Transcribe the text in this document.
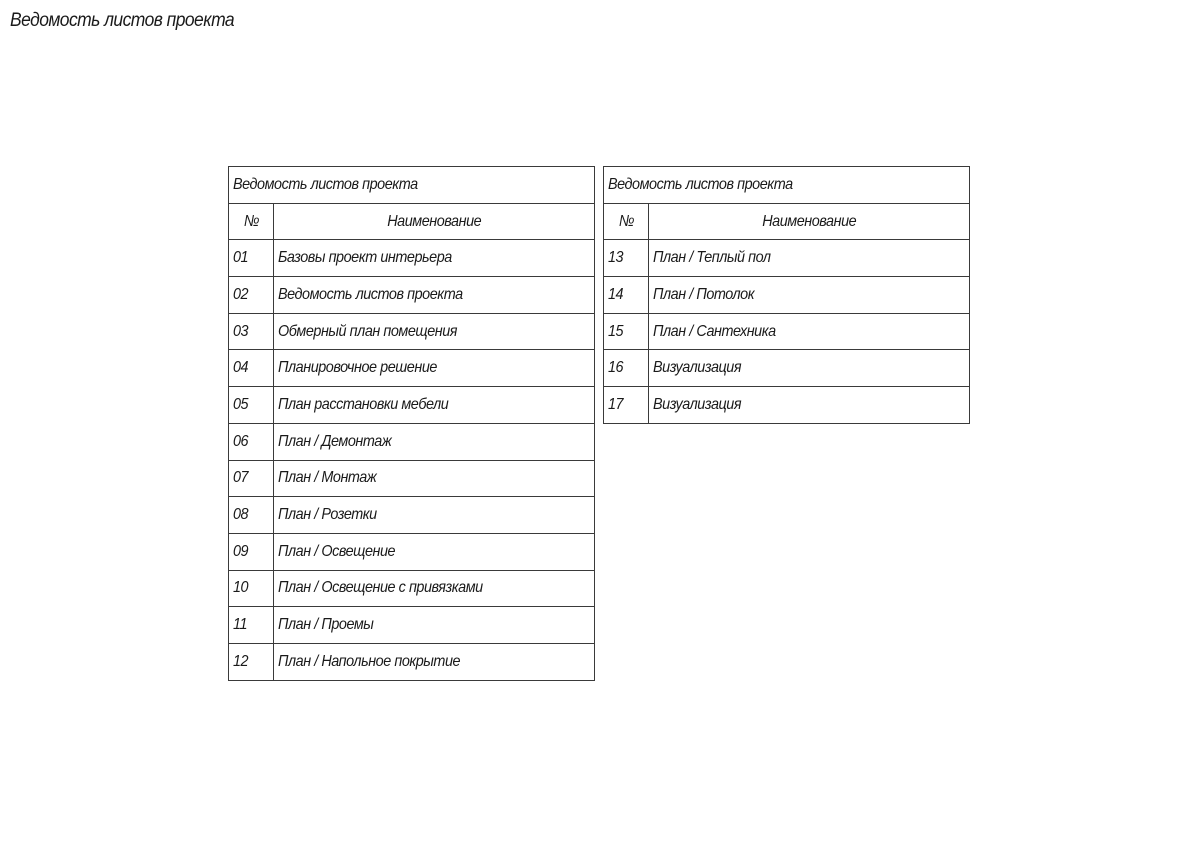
Ведомость листов проекта
Ведомость листов проекта	
№	Наименование
01	Базовы проект интерьера
02	Ведомость листов проекта
03	Обмерный план помещения
04	Планировочное решение
05	План расстановки мебели
06	План / Демонтаж
07	План / Монтаж
08	План / Розетки
09	План / Освещение
10	План / Освещение с привязками
11	План / Проемы
12	План / Напольное покрытие
Ведомость листов проекта	
№	Наименование
13	План / Теплый пол
14	План / Потолок
15	План / Сантехника
16	Визуализация
17	Визуализация
